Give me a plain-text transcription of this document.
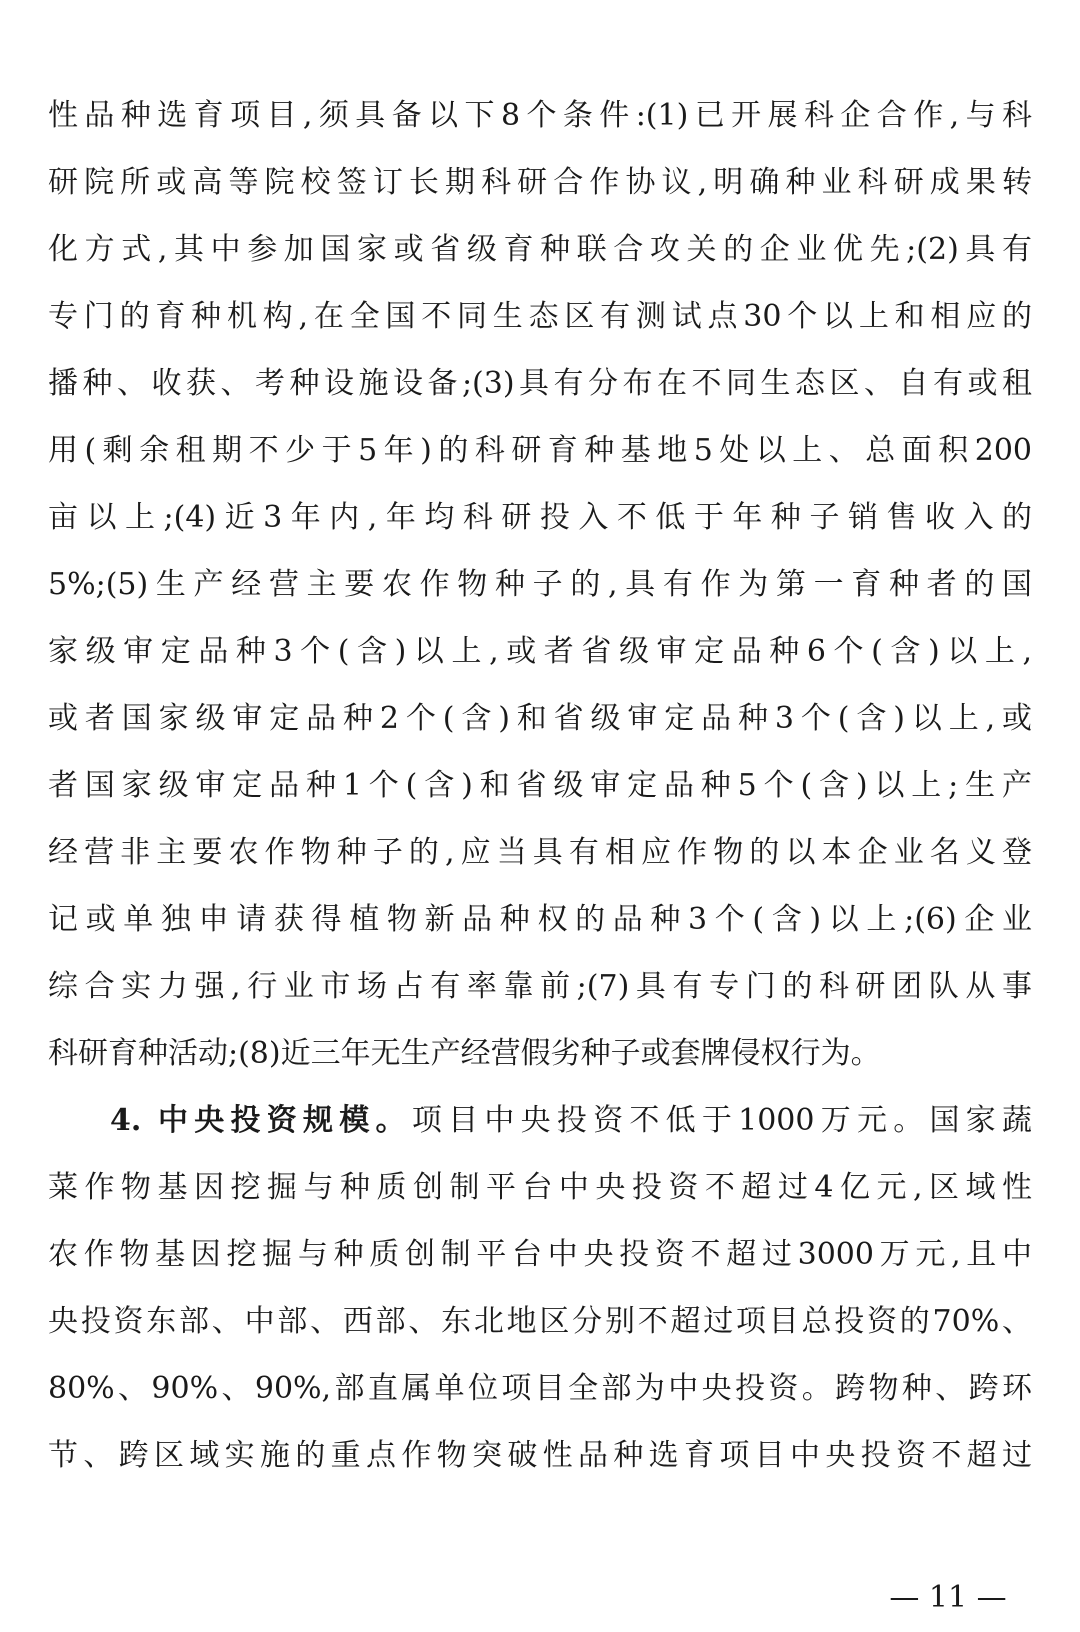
性品种选育项目,须具备以下8个条件:(1)已开展科企合作,与科
研院所或高等院校签订长期科研合作协议,明确种业科研成果转
化方式,其中参加国家或省级育种联合攻关的企业优先;(2)具有
专门的育种机构,在全国不同生态区有测试点30个以上和相应的
播种、收获、考种设施设备;(3)具有分布在不同生态区、自有或租
用(剩余租期不少于5年)的科研育种基地5处以上、总面积200
亩以上;(4)近3年内,年均科研投入不低于年种子销售收入的
5%;(5)生产经营主要农作物种子的,具有作为第一育种者的国
家级审定品种3个(含)以上,或者省级审定品种6个(含)以上,
或者国家级审定品种2个(含)和省级审定品种3个(含)以上,或
者国家级审定品种1个(含)和省级审定品种5个(含)以上;生产
经营非主要农作物种子的,应当具有相应作物的以本企业名义登
记或单独申请获得植物新品种权的品种3个(含)以上;(6)企业
综合实力强,行业市场占有率靠前;(7)具有专门的科研团队从事
科研育种活动;(8)近三年无生产经营假劣种子或套牌侵权行为。
4. 中央投资规模。项目中央投资不低于1000万元。国家蔬
菜作物基因挖掘与种质创制平台中央投资不超过4亿元,区域性
农作物基因挖掘与种质创制平台中央投资不超过3000万元,且中
央投资东部、中部、西部、东北地区分别不超过项目总投资的70%、
80%、90%、90%,部直属单位项目全部为中央投资。跨物种、跨环
节、跨区域实施的重点作物突破性品种选育项目中央投资不超过
— 11 —
